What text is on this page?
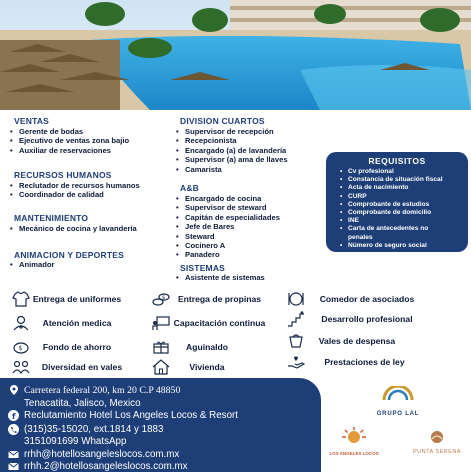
VENTAS
• Gerente de bodas
• Ejecutivo de ventas zona bajio
• Auxiliar de reservaciones
RECURSOS HUMANOS
• Reclutador de recursos humanos
• Coordinador de calidad
MANTENIMIENTO
• Mecánico de cocina y lavandería
ANIMACION Y DEPORTES
• Animador
DIVISION CUARTOS
• Supervisor de recepción
• Recepcionista
• Encargado (a) de lavandería
• Supervisor (a) ama de llaves
• Camarista
A&B
• Encargado de cocina
• Supervisor de steward
• Capitán de especialidades
• Jefe de Bares
• Steward
• Cocinero A
• Panadero
SISTEMAS
• Asistente de sistemas
REQUISITOS
• Cv profesional
• Constancia de situación fiscal
• Acta de nacimiento
• CURP
• Comprobante de estudios
• Comprobante de domicilio
• INE
• Carta de antecedentes no penales
• Número de seguro social
Entrega de uniformes	$	Entrega de propinas	Comedor de asociados
Atención medica	Capacitación continua	Desarrollo profesional
$	Fondo de ahorro	Aguinaldo
Vales de despensa
Diversidad en vales	Vivienda	Prestaciones de ley
Carretera federal 200, km 20 C.P 48850
Tenacatita, Jalisco, Mexico
f Reclutamiento Hotel Los Angeles Locos & Resort
(315)35-15020, ext.1814 y 1883
3151091699 WhatsApp
rrhh@hotellosangeleslocos.com.mx
rrhh.2@hotellosangeleslocos.com.mx
GRUPO LAL
LOS ANGELES LOCOS	PUNTA SERENA
